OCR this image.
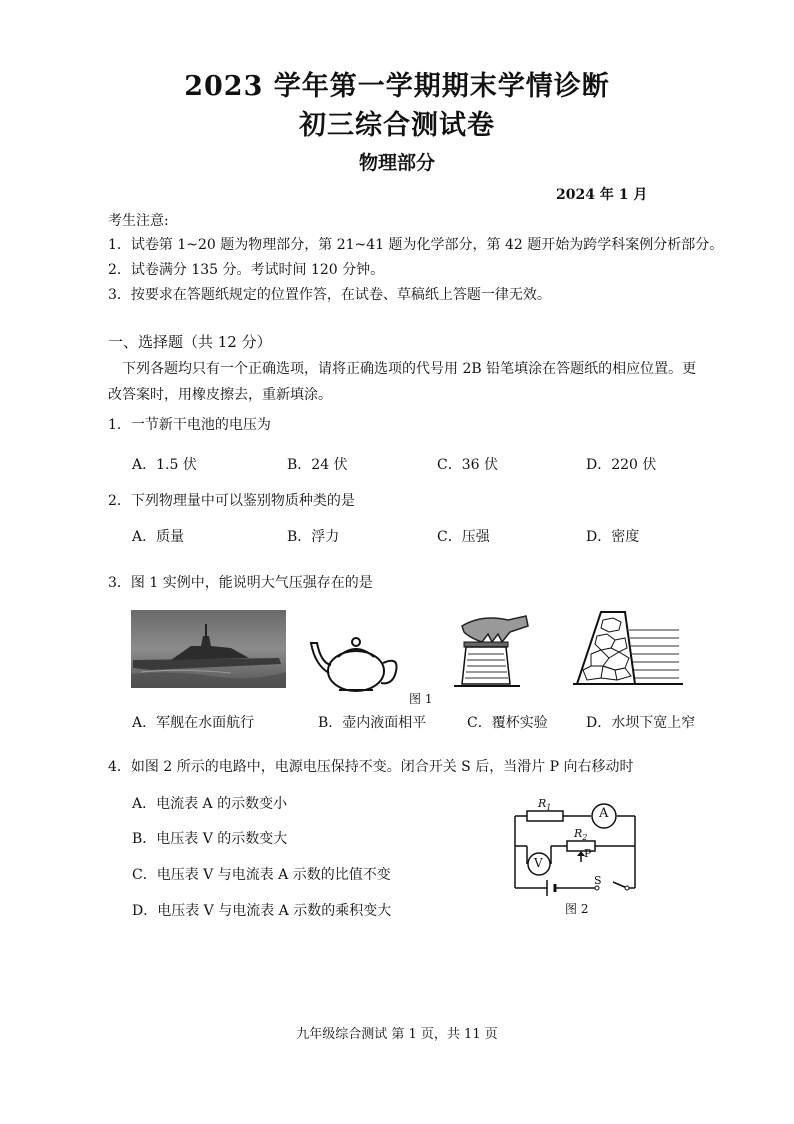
2023 学年第一学期期末学情诊断
初三综合测试卷
物理部分
2024 年 1 月
考生注意:
1．试卷第 1~20 题为物理部分，第 21~41 题为化学部分，第 42 题开始为跨学科案例分析部分。
2．试卷满分 135 分。考试时间 120 分钟。
3．按要求在答题纸规定的位置作答，在试卷、草稿纸上答题一律无效。
一、选择题（共 12 分）
下列各题均只有一个正确选项，请将正确选项的代号用 2B 铅笔填涂在答题纸的相应位置。更
改答案时，用橡皮擦去，重新填涂。
1．一节新干电池的电压为
A．1.5 伏	B．24 伏	C．36 伏	D．220 伏
2．下列物理量中可以鉴别物质种类的是
A．质量	B．浮力	C．压强	D．密度
3．图 1 实例中，能说明大气压强存在的是
图 1
A．军舰在水面航行	B．壶内液面相平	C．覆杯实验	D．水坝下宽上窄
4．如图 2 所示的电路中，电源电压保持不变。闭合开关 S 后，当滑片 P 向右移动时
A．电流表 A 的示数变小
B．电压表 V 的示数变大
C．电压表 V 与电流表 A 示数的比值不变
D．电压表 V 与电流表 A 示数的乘积变大
$R_1$	A
$R_2$
V
P
S
图 2
九年级综合测试 第 1 页，共 11 页
